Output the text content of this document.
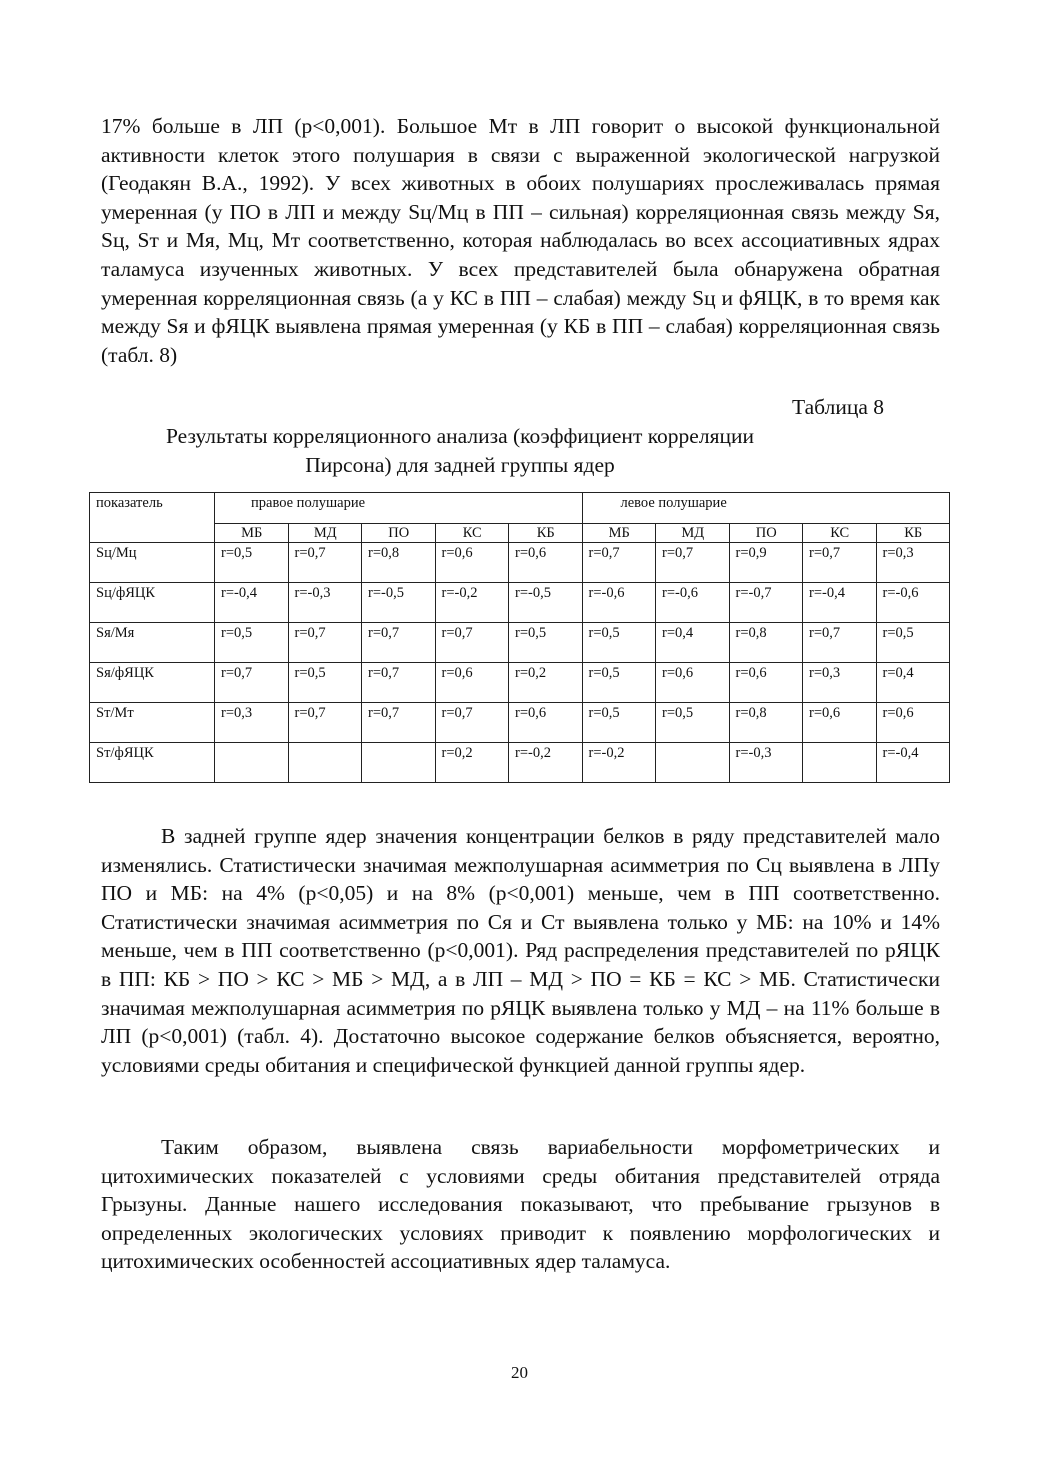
17% больше в ЛП (p<0,001). Большое Мт в ЛП говорит о высокой функциональной активности клеток этого полушария в связи с выраженной экологической нагрузкой (Геодакян В.А., 1992). У всех животных в обоих полушариях прослеживалась прямая умеренная (у ПО в ЛП и между Sц/Мц в ПП – сильная) корреляционная связь между Sя, Sц, Sт и Мя, Мц, Мт соответственно, которая наблюдалась во всех ассоциативных ядрах таламуса изученных животных. У всех представителей была обнаружена обратная умеренная корреляционная связь (а у КС в ПП – слабая) между Sц и фЯЦК, в то время как между Sя и фЯЦК выявлена прямая умеренная (у КБ в ПП – слабая) корреляционная связь (табл. 8)

Таблица 8
Результаты корреляционного анализа (коэффициент корреляции
Пирсона) для задней группы ядер
показатель	правое полушарие					левое полушарие				
	МБ	МД	ПО	КС	КБ	МБ	МД	ПО	КС	КБ
Sц/Мц	r=0,5	r=0,7	r=0,8	r=0,6	r=0,6	r=0,7	r=0,7	r=0,9	r=0,7	r=0,3
Sц/фЯЦК	r=-0,4	r=-0,3	r=-0,5	r=-0,2	r=-0,5	r=-0,6	r=-0,6	r=-0,7	r=-0,4	r=-0,6
Sя/Мя	r=0,5	r=0,7	r=0,7	r=0,7	r=0,5	r=0,5	r=0,4	r=0,8	r=0,7	r=0,5
Sя/фЯЦК	r=0,7	r=0,5	r=0,7	r=0,6	r=0,2	r=0,5	r=0,6	r=0,6	r=0,3	r=0,4
Sт/Мт	r=0,3	r=0,7	r=0,7	r=0,7	r=0,6	r=0,5	r=0,5	r=0,8	r=0,6	r=0,6
Sт/фЯЦК				r=0,2	r=-0,2	r=-0,2		r=-0,3		r=-0,4

В задней группе ядер значения концентрации белков в ряду представителей мало изменялись. Статистически значимая межполушарная асимметрия по Сц выявлена в ЛПу ПО и МБ: на 4% (p<0,05) и на 8% (p<0,001) меньше, чем в ПП соответственно. Статистически значимая асимметрия по Ся и Ст выявлена только у МБ: на 10% и 14% меньше, чем в ПП соответственно (p<0,001). Ряд распределения представителей по рЯЦК в ПП: КБ > ПО > КС > МБ > МД, а в ЛП – МД > ПО = КБ = КС > МБ. Статистически значимая межполушарная асимметрия по рЯЦК выявлена только у МД – на 11% больше в ЛП (p<0,001) (табл. 4). Достаточно высокое содержание белков объясняется, вероятно, условиями среды обитания и специфической функцией данной группы ядер.

Таким образом, выявлена связь вариабельности морфометрических и цитохимических показателей с условиями среды обитания представителей отряда Грызуны. Данные нашего исследования показывают, что пребывание грызунов в определенных экологических условиях приводит к появлению морфологических и цитохимических особенностей ассоциативных ядер таламуса.

20
